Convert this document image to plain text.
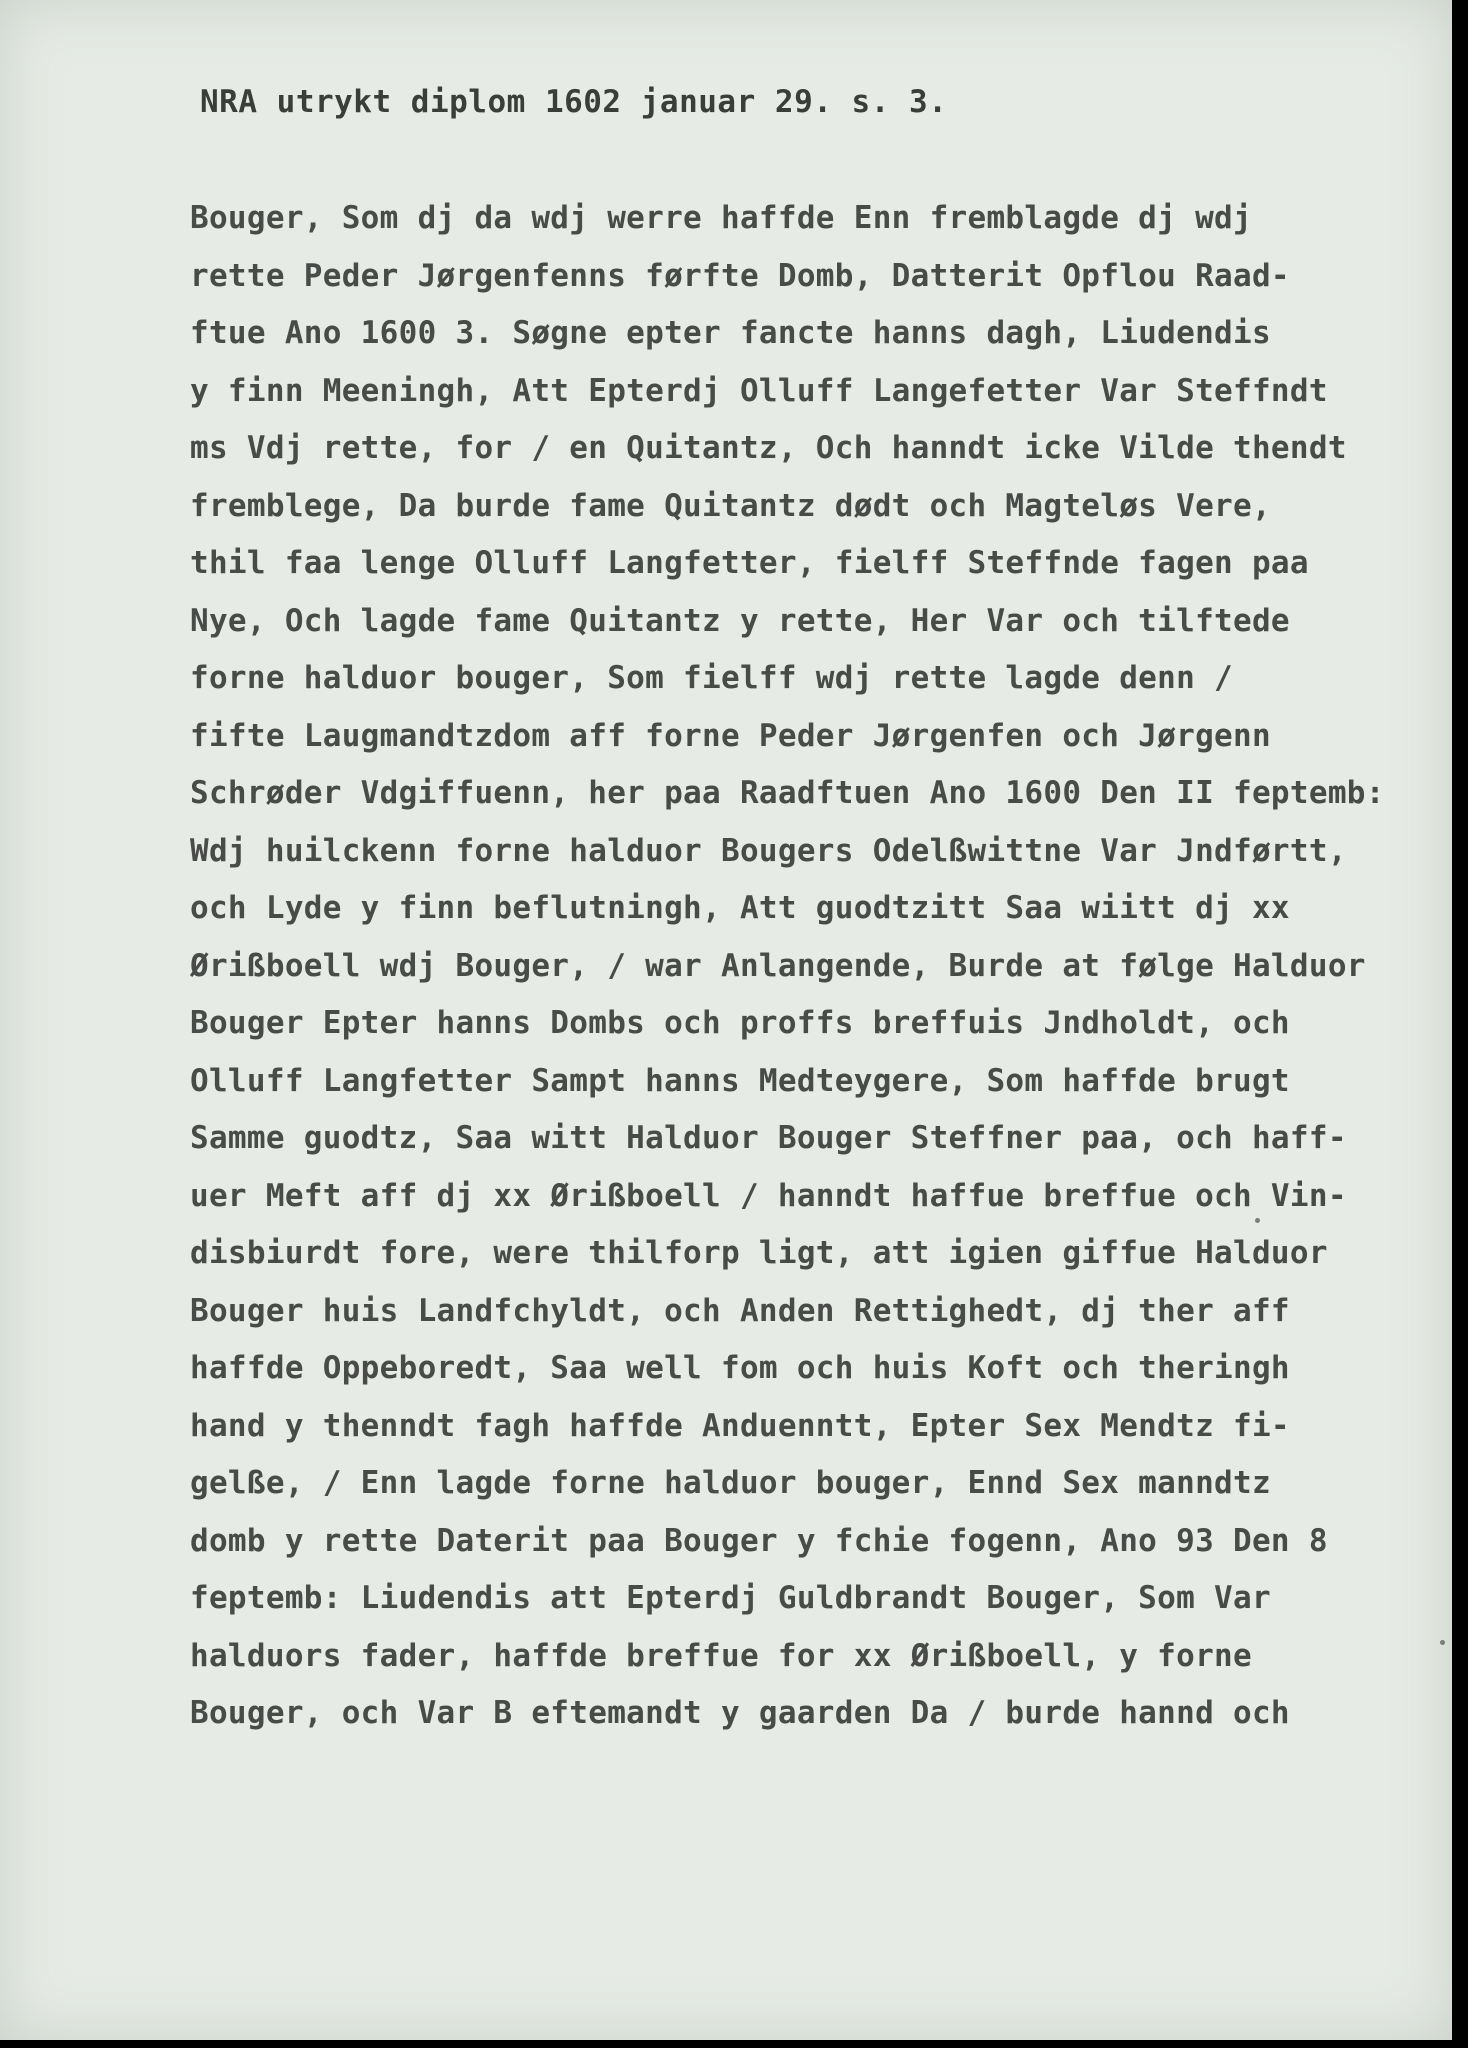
NRA utrykt diplom 1602 januar 29. s. 3.
Bouger, Som dj da wdj werre haffde Enn fremblagde dj wdj
rette Peder Jørgenfenns førfte Domb, Datterit Opflou Raad-
ftue Ano 1600 3. Søgne epter fancte hanns dagh, Liudendis
y finn Meeningh, Att Epterdj Olluff Langefetter Var Steffndt
ms Vdj rette, for / en Quitantz, Och hanndt icke Vilde thendt
fremblege, Da burde fame Quitantz dødt och Magteløs Vere,
thil faa lenge Olluff Langfetter, fielff Steffnde fagen paa
Nye, Och lagde fame Quitantz y rette, Her Var och tilftede
forne halduor bouger, Som fielff wdj rette lagde denn /
fifte Laugmandtzdom aff forne Peder Jørgenfen och Jørgenn
Schrøder Vdgiffuenn, her paa Raadftuen Ano 1600 Den II feptemb:
Wdj huilckenn forne halduor Bougers Odelßwittne Var Jndførtt,
och Lyde y finn beflutningh, Att guodtzitt Saa wiitt dj xx
Ørißboell wdj Bouger, / war Anlangende, Burde at følge Halduor
Bouger Epter hanns Dombs och proffs breffuis Jndholdt, och
Olluff Langfetter Sampt hanns Medteygere, Som haffde brugt
Samme guodtz, Saa witt Halduor Bouger Steffner paa, och haff-
uer Meft aff dj xx Ørißboell / hanndt haffue breffue och Vin-
disbiurdt fore, were thilforp ligt, att igien giffue Halduor
Bouger huis Landfchyldt, och Anden Rettighedt, dj ther aff
haffde Oppeboredt, Saa well fom och huis Koft och theringh
hand y thenndt fagh haffde Anduenntt, Epter Sex Mendtz fi-
gelße, / Enn lagde forne halduor bouger, Ennd Sex manndtz
domb y rette Daterit paa Bouger y fchie fogenn, Ano 93 Den 8
feptemb: Liudendis att Epterdj Guldbrandt Bouger, Som Var
halduors fader, haffde breffue for xx Ørißboell, y forne
Bouger, och Var B eftemandt y gaarden Da / burde hannd och
